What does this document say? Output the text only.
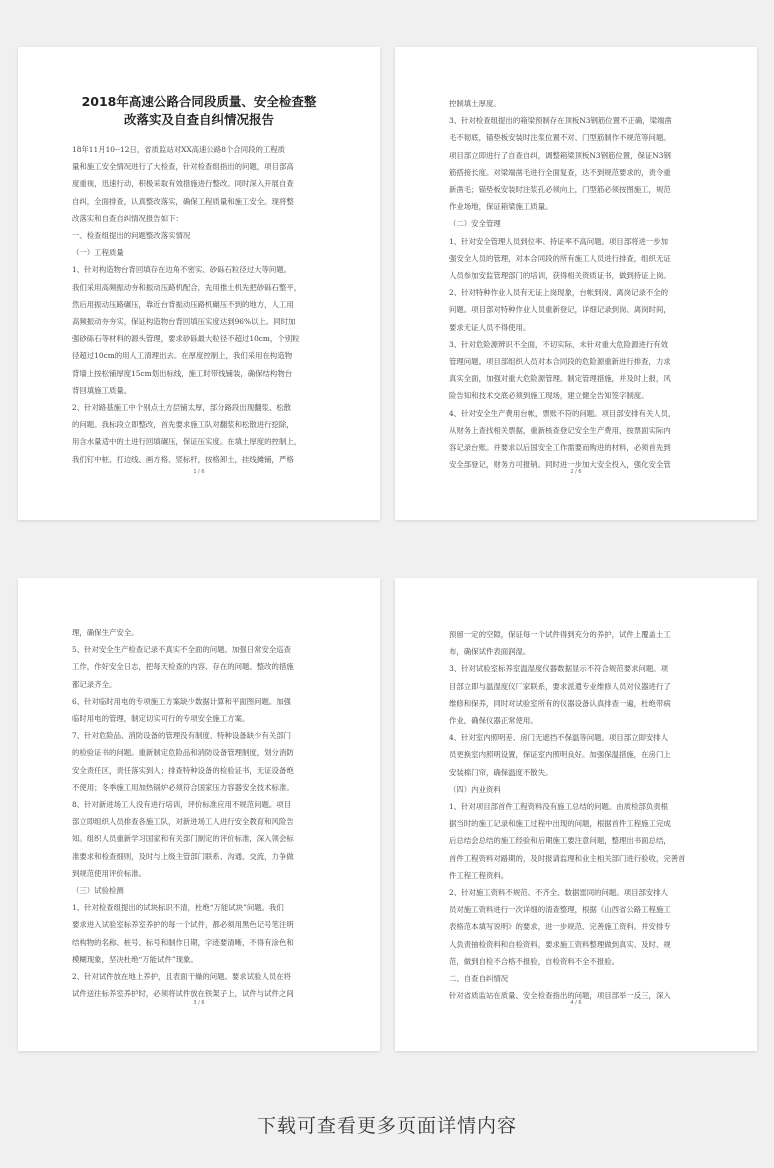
2018年高速公路合同段质量、安全检查整
改落实及自查自纠情况报告
18年11月10--12日，省质监站对XX高速公路8个合同段的工程质
量和施工安全情况进行了大检查，针对检查组指出的问题，项目部高
度重视，迅速行动，积极采取有效措施进行整改。同时深入开展自查
自纠，全面排查，认真整改落实，确保工程质量和施工安全。现将整
改落实和自查自纠情况报告如下：
一、检查组提出的问题整改落实情况
（一）工程质量
1、针对构造物台背回填存在边角不密实、砂砾石粒径过大等问题。
我们采用高频振动夯和振动压路机配合，先用推土机先把砂砾石整平，
然后用振动压路碾压，靠近台背振动压路机碾压不到的地方，人工用
高频振动夯夯实，保证构造物台背回填压实度达到96%以上。同时加
强砂砾石等材料的源头管理，要求砂砾最大粒径不超过10cm，个别粒
径超过10cm的用人工清理出去。在厚度控制上，我们采用在构造物
背墙上按松铺厚度15cm划出标线，施工时带线铺装，确保结构物台
背回填施工质量。
2、针对路基施工中个别点土方层铺太厚，部分路段出现翻浆、松散
的问题。我标段立即整改，首先要求施工队对翻浆和松散进行挖除，
用含水量适中的土进行回填碾压，保证压实度。在填土厚度的控制上，
我们钉中桩、打边线、画方格、竖标杆，按格卸土，挂线摊铺，严格
1 / 6
控制填土厚度。
3、针对检查组提出的箱梁预制存在顶板N3钢筋位置不正确，梁端凿
毛不彻底，锚垫板安装时注浆位置不对、门型筋制作不规范等问题。
项目部立即进行了自查自纠，调整箱梁顶板N3钢筋位置，保证N3钢
筋搭接长度。对梁端凿毛进行全面复查，达不到规范要求的，责令重
新凿毛；锚垫板安装时注浆孔必须向上，门型筋必须按图施工，规范
作业场地，保证箱梁施工质量。
（二）安全管理
1、针对安全管理人员到位率、持证率不高问题。项目部将进一步加
强安全人员的管理，对本合同段的所有施工人员进行排查，组织无证
人员参加安监管理部门的培训，获得相关资质证书，做到持证上岗。
2、针对特种作业人员有无证上岗现象，台帐到岗、离岗记录不全的
问题。项目部对特种作业人员重新登记，详细记录到岗、离岗时间，
要求无证人员不得使用。
3、针对危险源辨识不全面，不切实际，未针对重大危险源进行有效
管理问题。项目部组织人员对本合同段的危险源重新进行排查，力求
真实全面，加强对重大危险源管理。制定管理措施，并及时上报，风
险告知和技术交底必须到施工现场，建立健全告知签字制度。
4、针对安全生产费用台帐，票账不符的问题。项目部安排有关人员，
从财务上查找相关票据，重新核查登记安全生产费用，按票面实际内
容记录台账。并要求以后国安全工作需要而购进的材料，必须首先到
安全部登记，财务方可报销。同时进一步加大安全投入，强化安全管
2 / 6
理，确保生产安全。
5、针对安全生产检查记录不真实不全面的问题。加强日常安全巡查
工作，作好安全日志，把每天检查的内容、存在的问题、整改的措施
都记录齐全。
6、针对临时用电的专项施工方案缺少数据计算和平面图问题。加强
临时用电的管理，制定切实可行的专项安全施工方案。
7、针对危险品、消防设备的管理没有制度、特种设备缺少有关部门
的检验证书的问题。重新制定危险品和消防设备管理制度，划分消防
安全责任区，责任落实到人；排查特种设备的检验证书，无证设备绝
不使用；冬季施工用加热锅炉必须符合国家压力容器安全技术标准。
8、针对新进场工人没有进行培训，评价标准应用不规范问题。项目
部立即组织人员排查各施工队，对新进场工人进行安全教育和风险告
知。组织人员重新学习国家和有关部门制定的评价标准，深入领会标
准要求和检查细则，及时与上级主管部门联系、沟通、交流，力争做
到规范使用评价标准。
（三）试验检测
1、针对检查组提出的试块标识不清，杜绝“万能试块”问题。我们
要求进入试验室标养室养护的每一个试件，都必须用黑色记号笔注明
结构物的名称、桩号、标号和制作日期，字迹要清晰，不得有涂色和
模糊现象，坚决杜绝“万能试件”现象。
2、针对试件放在地上养护，且表面干燥的问题。要求试验人员在将
试件送往标养室养护时，必须将试件放在铁架子上，试件与试件之间
3 / 6
预留一定的空隙，保证每一个试件得到充分的养护，试件上覆盖土工
布，确保试件表面润湿。
3、针对试验室标养室温湿度仪器数据显示不符合规范要求问题。项
目部立即与温湿度仪厂家联系，要求派遣专业维修人员对仪器进行了
维修和保养，同时对试验室所有的仪器设备认真排查一遍，杜绝带病
作业，确保仪器正常使用。
4、针对室内照明差、房门无遮挡不保温等问题。项目部立即安排人
员更换室内照明设置，保证室内照明良好。加强保温措施，在房门上
安装棉门帘，确保温度不散失。
（四）内业资料
1、针对项目部首件工程资料没有施工总结的问题。由质检部负责根
据当时的施工记录和施工过程中出现的问题，根据首件工程施工完成
后总结会总结的施工经验和后期施工要注意问题，整理出书面总结，
首件工程资料对路期的，及时报请监理和业主相关部门进行验收，完善首
件工程工程资料。
2、针对施工资料不规范、不齐全、数据雷同的问题。项目部安排人
员对施工资料进行一次详细的清查整理，根据《山西省公路工程施工
表格范本填写说明》的要求，进一步规范、完善施工资料。并安排专
人负责抽检资料和自检资料，要求施工资料整理做到真实、及时、规
范，做到自检不合格不报验，自检资料不全不报验。
二、自查自纠情况
针对省质监站在质量、安全检查指出的问题，项目部举一反三，深入
4 / 6
下载可查看更多页面详情内容
